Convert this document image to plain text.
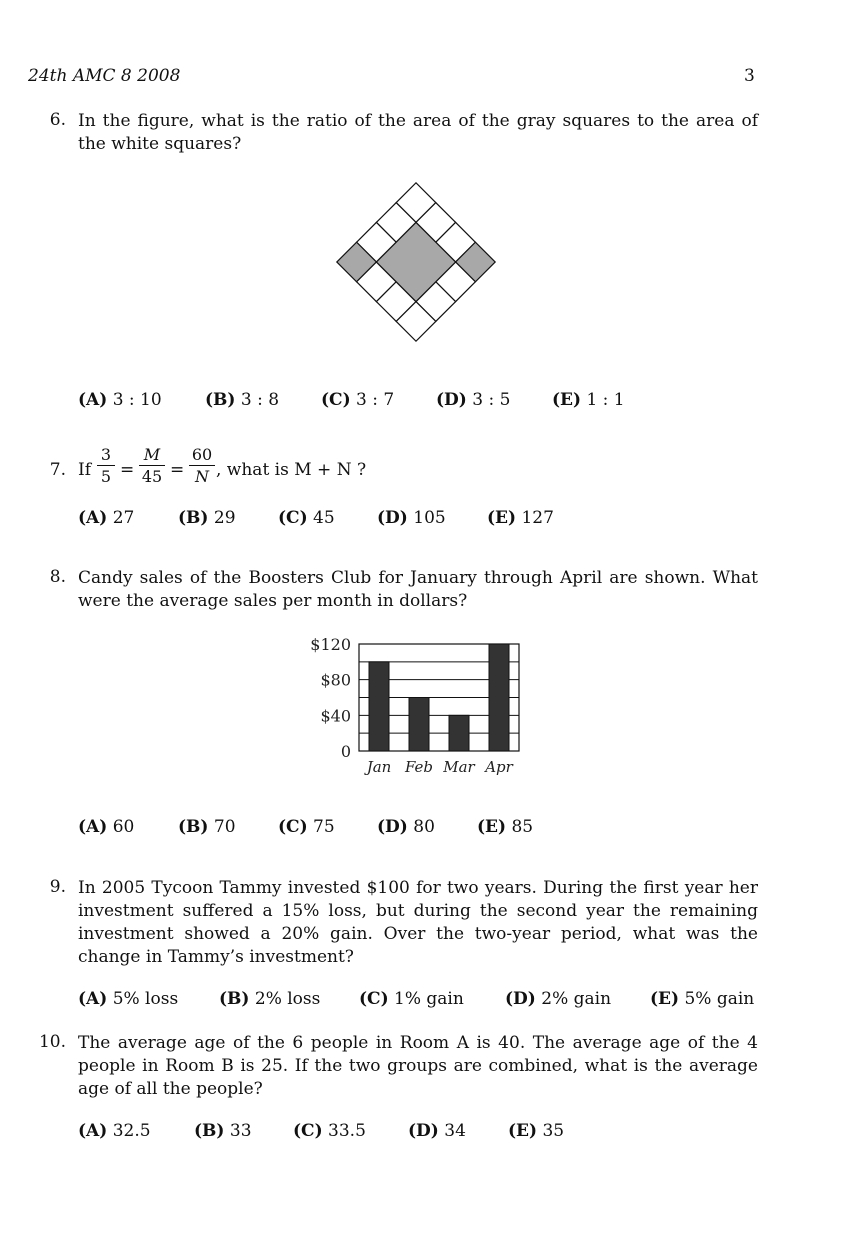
24th AMC 8 2008	3
6. In the figure, what is the ratio of the area of the gray squares to the area of the white squares?
(A) 3 : 10	(B) 3 : 8 (C) 3 : 7 (D) 3 : 5 (E) 1 : 1
7. If $\frac{3}{5} = \frac{M}{45} = \frac{60}{N}$ , what is M + N ?
(A) 27	(B) 29 (C) 45 (D) 105 (E) 127
8. Candy sales of the Boosters Club for January through April are shown. What were the average sales per month in dollars?
Jan Feb Mar Apr
0
$40
$80
$120
(A) 60	(B) 70 (C) 75 (D) 80 (E) 85
9. In 2005 Tycoon Tammy invested $100 for two years. During the first year her investment suffered a 15% loss, but during the second year the remaining investment showed a 20% gain. Over the two-year period, what was the change in Tammy’s investment?
(A) 5% loss (B) 2% loss (C) 1% gain (D) 2% gain (E) 5% gain
10. The average age of the 6 people in Room A is 40. The average age of the 4 people in Room B is 25. If the two groups are combined, what is the average age of all the people?
(A) 32.5	(B) 33 (C) 33.5 (D) 34 (E) 35
